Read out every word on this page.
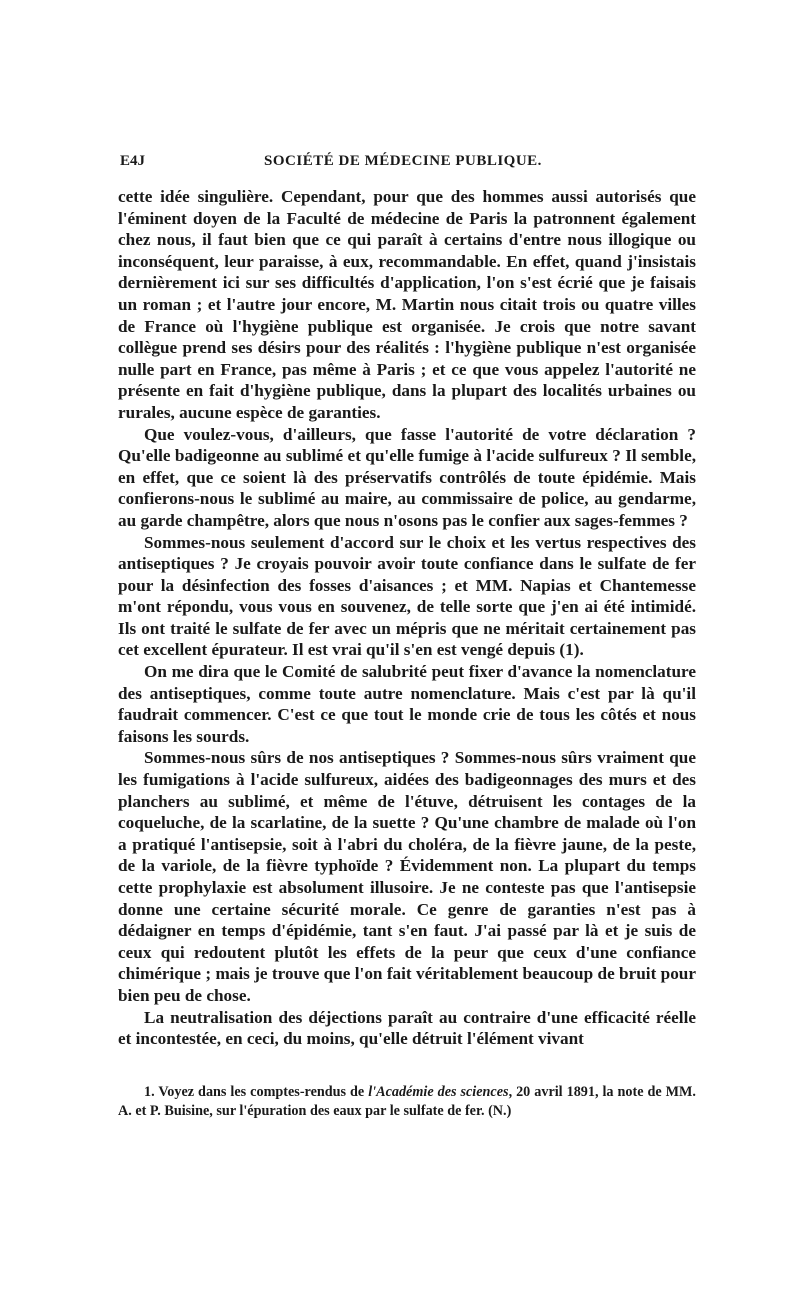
E4J	SOCIÉTÉ DE MÉDECINE PUBLIQUE.

cette idée singulière. Cependant, pour que des hommes aussi autorisés que l'éminent doyen de la Faculté de médecine de Paris la patronnent également chez nous, il faut bien que ce qui paraît à certains d'entre nous illogique ou inconséquent, leur paraisse, à eux, recommandable. En effet, quand j'insistais dernièrement ici sur ses difficultés d'application, l'on s'est écrié que je faisais un roman ; et l'autre jour encore, M. Martin nous citait trois ou quatre villes de France où l'hygiène publique est organisée. Je crois que notre savant collègue prend ses désirs pour des réalités : l'hygiène publique n'est organisée nulle part en France, pas même à Paris ; et ce que vous appelez l'autorité ne présente en fait d'hygiène publique, dans la plupart des localités urbaines ou rurales, aucune espèce de garanties.

Que voulez-vous, d'ailleurs, que fasse l'autorité de votre déclaration ? Qu'elle badigeonne au sublimé et qu'elle fumige à l'acide sulfureux ? Il semble, en effet, que ce soient là des préservatifs contrôlés de toute épidémie. Mais confierons-nous le sublimé au maire, au commissaire de police, au gendarme, au garde champêtre, alors que nous n'osons pas le confier aux sages-femmes ?

Sommes-nous seulement d'accord sur le choix et les vertus respectives des antiseptiques ? Je croyais pouvoir avoir toute confiance dans le sulfate de fer pour la désinfection des fosses d'aisances ; et MM. Napias et Chantemesse m'ont répondu, vous vous en souvenez, de telle sorte que j'en ai été intimidé. Ils ont traité le sulfate de fer avec un mépris que ne méritait certainement pas cet excellent épurateur. Il est vrai qu'il s'en est vengé depuis (1).

On me dira que le Comité de salubrité peut fixer d'avance la nomenclature des antiseptiques, comme toute autre nomenclature. Mais c'est par là qu'il faudrait commencer. C'est ce que tout le monde crie de tous les côtés et nous faisons les sourds.

Sommes-nous sûrs de nos antiseptiques ? Sommes-nous sûrs vraiment que les fumigations à l'acide sulfureux, aidées des badigeonnages des murs et des planchers au sublimé, et même de l'étuve, détruisent les contages de la coqueluche, de la scarlatine, de la suette ? Qu'une chambre de malade où l'on a pratiqué l'antisepsie, soit à l'abri du choléra, de la fièvre jaune, de la peste, de la variole, de la fièvre typhoïde ? Évidemment non. La plupart du temps cette prophylaxie est absolument illusoire. Je ne conteste pas que l'antisepsie donne une certaine sécurité morale. Ce genre de garanties n'est pas à dédaigner en temps d'épidémie, tant s'en faut. J'ai passé par là et je suis de ceux qui redoutent plutôt les effets de la peur que ceux d'une confiance chimérique ; mais je trouve que l'on fait véritablement beaucoup de bruit pour bien peu de chose.

La neutralisation des déjections paraît au contraire d'une efficacité réelle et incontestée, en ceci, du moins, qu'elle détruit l'élément vivant

1. Voyez dans les comptes-rendus de l'Académie des sciences, 20 avril 1891, la note de MM. A. et P. Buisine, sur l'épuration des eaux par le sulfate de fer. (N.)
